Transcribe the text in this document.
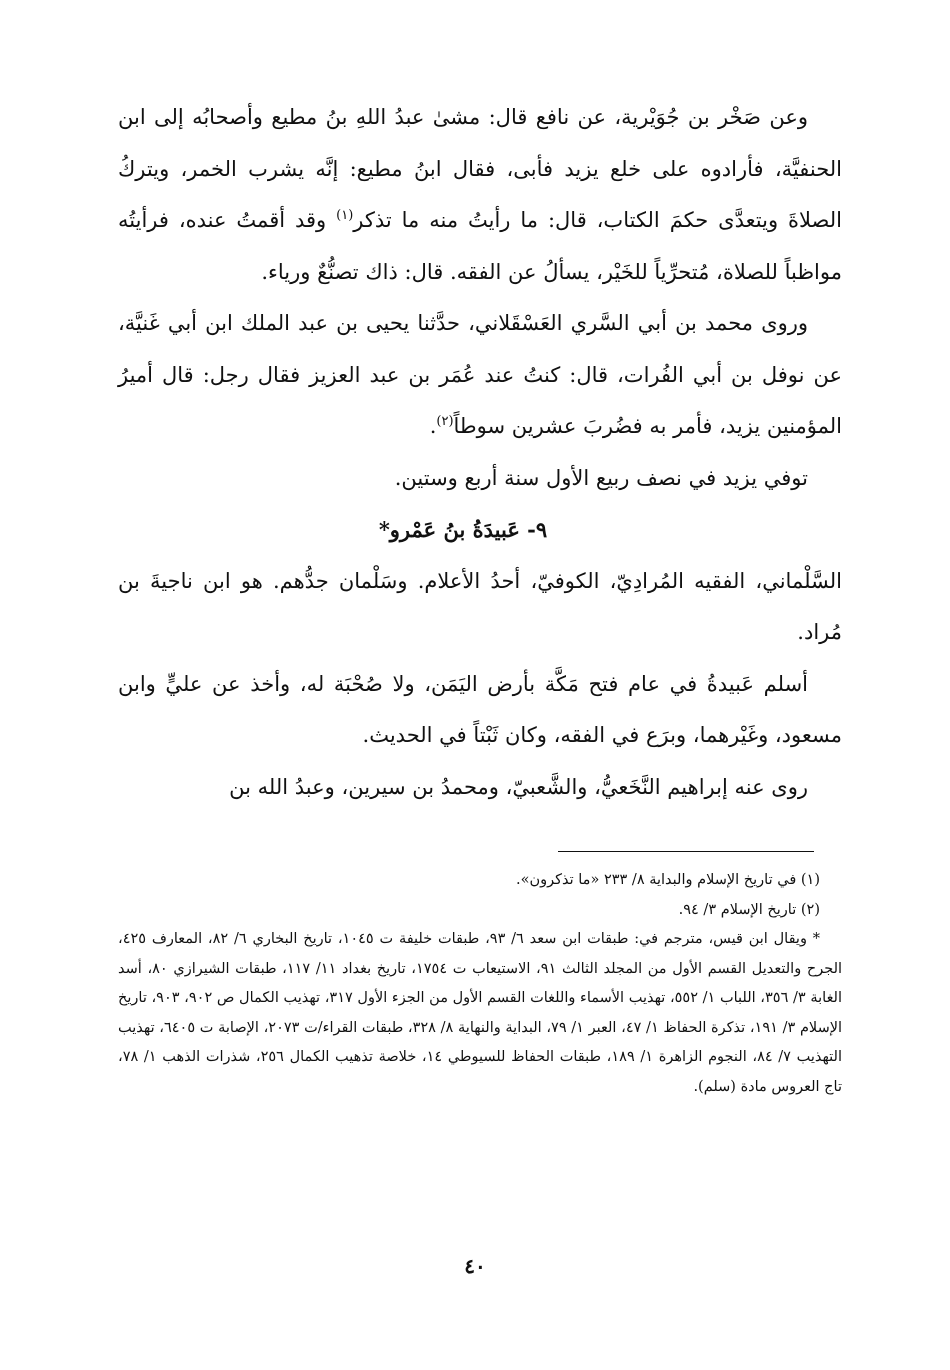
وعن صَخْر بن جُوَيْرية، عن نافع قال: مشىٰ عبدُ اللهِ بنُ مطيع وأصحابُه إلى ابن الحنفيَّة، فأرادوه على خلع يزيد فأبى، فقال ابنُ مطيع: إنَّه يشرب الخمر، ويتركُ الصلاةَ ويتعدَّى حكمَ الكتاب، قال: ما رأيتُ منه ما تذكر$^{(١)}$ وقد أقمتُ عنده، فرأيتُه مواظباً للصلاة، مُتحرِّياً للخَيْر، يسألُ عن الفقه. قال: ذاك تصنُّعٌ ورياء.

وروى محمد بن أبي السَّري العَسْقَلاني، حدَّثنا يحيى بن عبد الملك ابن أبي غَنيَّة، عن نوفل بن أبي الفُرات، قال: كنتُ عند عُمَر بن عبد العزيز فقال رجل: قال أميرُ المؤمنين يزيد، فأمر به فضُربَ عشرين سوطاً$^{(٢)}$.

توفي يزيد في نصف ربيع الأول سنة أربع وستين.

٩- عَبيدَةُ بنُ عَمْرو*

السَّلْماني، الفقيه المُرادِيّ، الكوفيّ، أحدُ الأعلام. وسَلْمان جدُّهم. هو ابن ناجيةَ بن مُراد.

أسلم عَبيدةُ في عام فتح مَكَّة بأرض اليَمَن، ولا صُحْبَة له، وأخذ عن عليٍّ وابن مسعود، وغَيْرهما، وبرَع في الفقه، وكان ثَبْتاً في الحديث.

روى عنه إبراهيم النَّخَعيُّ، والشَّعبيّ، ومحمدُ بن سيرين، وعبدُ الله بن

(١) في تاريخ الإسلام والبداية ٨/ ٢٣٣ «ما تذكرون».

(٢) تاريخ الإسلام ٣/ ٩٤.

* ويقال ابن قيس، مترجم في: طبقات ابن سعد ٦/ ٩٣، طبقات خليفة ت ١٠٤٥، تاريخ البخاري ٦/ ٨٢، المعارف ٤٢٥، الجرح والتعديل القسم الأول من المجلد الثالث ٩١، الاستيعاب ت ١٧٥٤، تاريخ بغداد ١١/ ١١٧، طبقات الشيرازي ٨٠، أسد الغابة ٣/ ٣٥٦، اللباب ١/ ٥٥٢، تهذيب الأسماء واللغات القسم الأول من الجزء الأول ٣١٧، تهذيب الكمال ص ٩٠٢، ٩٠٣، تاريخ الإسلام ٣/ ١٩١، تذكرة الحفاظ ١/ ٤٧، العبر ١/ ٧٩، البداية والنهاية ٨/ ٣٢٨، طبقات القراء/ت ٢٠٧٣، الإصابة ت ٦٤٠٥، تهذيب التهذيب ٧/ ٨٤، النجوم الزاهرة ١/ ١٨٩، طبقات الحفاظ للسيوطي ١٤، خلاصة تذهيب الكمال ٢٥٦، شذرات الذهب ١/ ٧٨، تاج العروس مادة (سلم).

٤٠
